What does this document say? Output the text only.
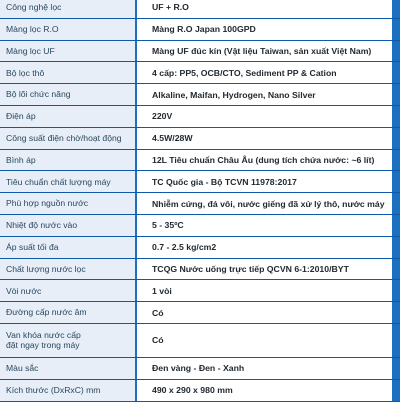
Công nghệ lọc	UF + R.O
Màng lọc R.O	Màng R.O Japan 100GPD
Màng lọc UF	Màng UF đúc kín (Vật liệu Taiwan, sản xuất Việt Nam)
Bộ lọc thô	4 cấp: PP5, OCB/CTO, Sediment PP & Cation
Bộ lõi chức năng	Alkaline, Maifan, Hydrogen, Nano Silver
Điện áp	220V
Công suất điện chờ/hoạt động	4.5W/28W
Bình áp	12L Tiêu chuẩn Châu Âu (dung tích chứa nước: ~6 lít)
Tiêu chuẩn chất lượng máy	TC Quốc gia - Bộ TCVN 11978:2017
Phù hợp nguồn nước	Nhiễm cứng, đá vôi, nước giếng đã xử lý thô, nước máy
Nhiệt độ nước vào	5 - 35ºC
Áp suất tối đa	0.7 - 2.5 kg/cm2
Chất lượng nước lọc	TCQG Nước uống trực tiếp QCVN 6-1:2010/BYT
Vòi nước	1 vòi
Đường cấp nước âm	Có
Van khóa nước cấp
đặt ngay trong máy	Có
Màu sắc	Đen vàng - Đen - Xanh
Kích thước (DxRxC) mm	490 x 290 x 980 mm
